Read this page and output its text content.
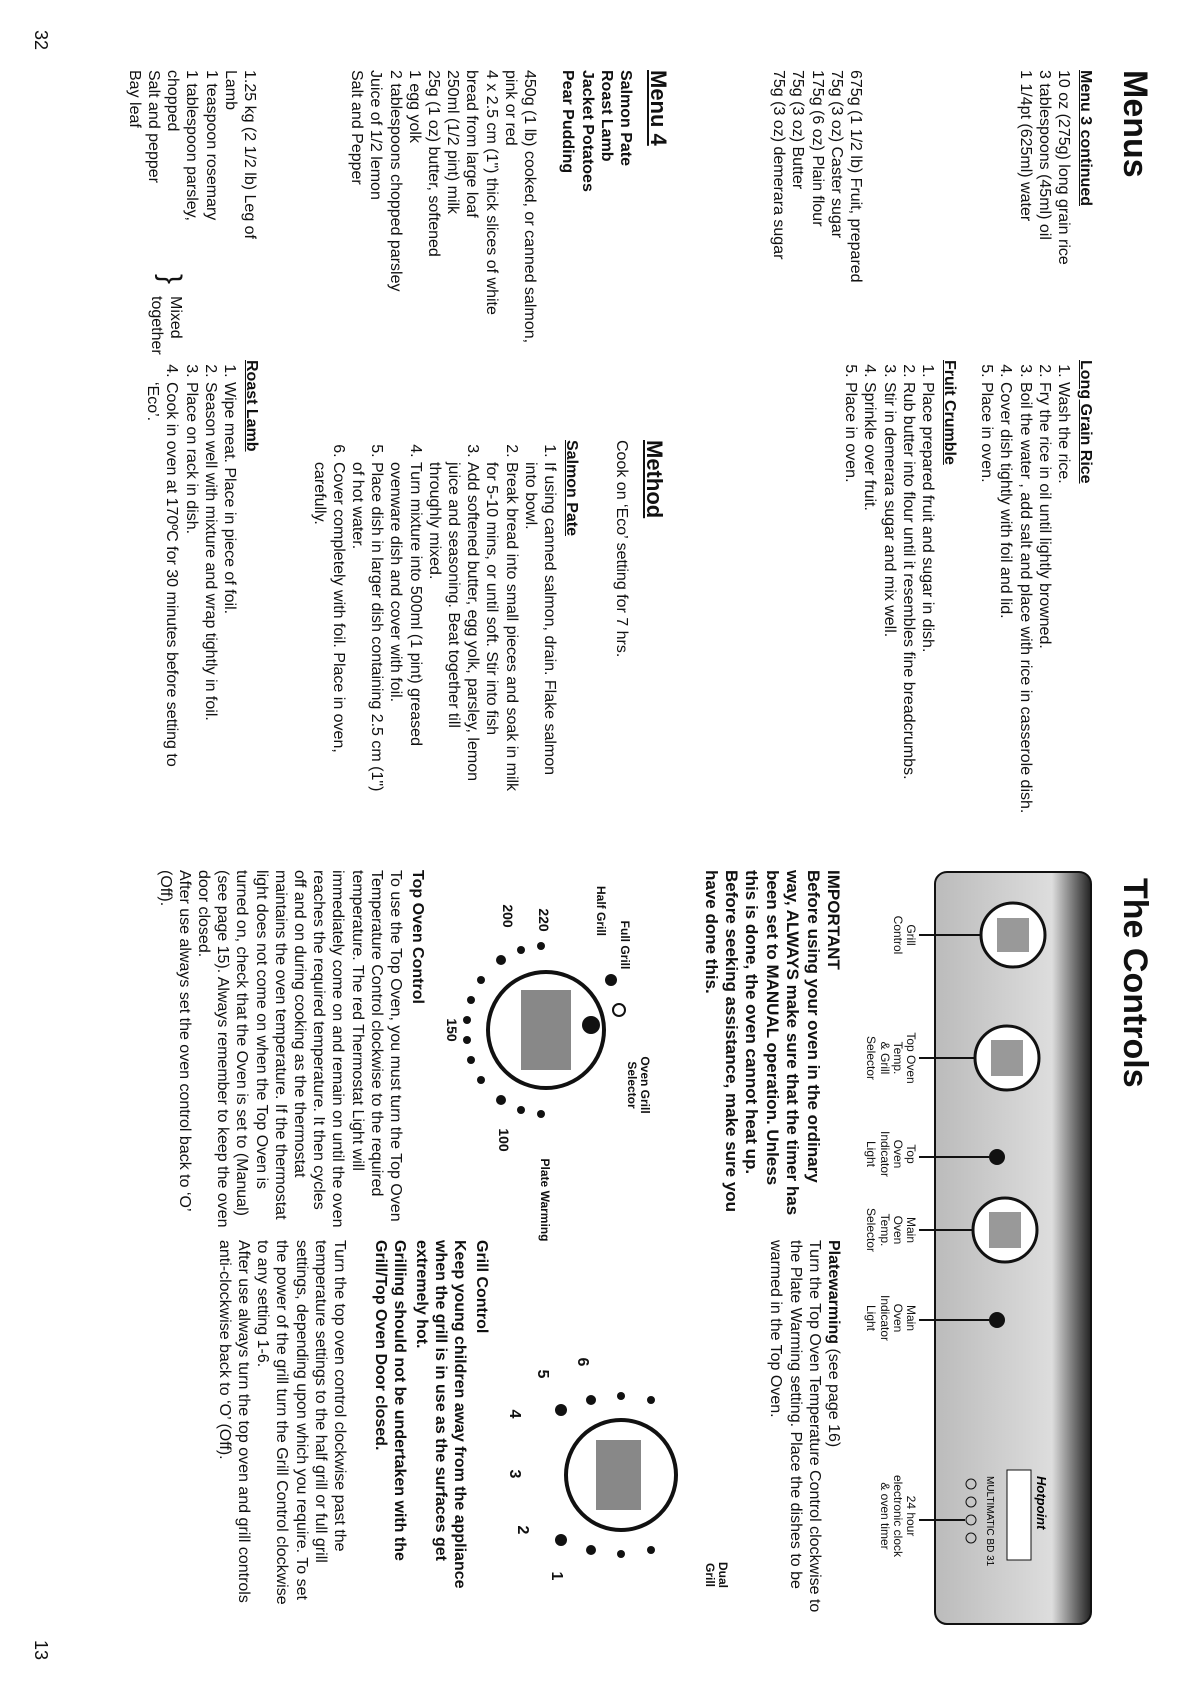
Menus
Menu 3 continued
10 oz (275g) long grain rice
3 tablespoons (45ml) oil
1 1/4pt (625ml) water
675g (1 1/2 lb) Fruit, prepared
75g (3 oz) Caster sugar
175g (6 oz) Plain flour
75g (3 oz) Butter
75g (3 oz) demerara sugar
Long Grain Rice
1. Wash the rice.
2. Fry the rice in oil until lightly browned.
3. Boil the water , add salt and place with rice in casserole dish.
4. Cover dish tightly with foil and lid.
5. Place in oven.
Fruit Crumble
1. Place prepared fruit and sugar in dish.
2. Rub butter into flour until it resembles fine breadcrumbs.
3. Stir in demerara sugar and mix well.
4. Sprinkle over fruit.
5. Place in oven.
Menu 4
Salmon Pate
Roast Lamb
Jacket Potatoes
Pear Pudding
Method
Cook on ‘Eco’ setting for 7 hrs.
450g (1 lb) cooked, or canned salmon,
pink or red
4 x 2.5 cm (1") thick slices of white
bread from large loaf
250ml (1/2 pint) milk
25g (1 oz) butter, softened
1 egg yolk
2 tablespoons chopped parsley
Juice of 1/2 lemon
Salt and Pepper
Salmon Pate
1. If using canned salmon, drain. Flake salmon into bowl.
2. Break bread into small pieces and soak in milk for 5-10 mins, or until soft. Stir into fish
3. Add softened butter, egg yolk, parsley, lemon juice and seasoning. Beat together till throughly mixed.
4. Turn mixture into 500ml (1 pint) greased ovenware dish and cover with foil.
5. Place dish in larger dish containing 2.5 cm (1") of hot water.
6. Cover completely with foil. Place in oven, carefully.
1.25 kg (2 1/2 lb) Leg of Lamb
1 teaspoon rosemary
1 tablespoon parsley, chopped
Salt and pepper
Bay leaf
}
Mixed
together
Roast Lamb
1. Wipe meat. Place in piece of foil.
2. Season well with mixture and wrap tightly in foil.
3. Place on rack in dish.
4. Cook in oven at 170ºC for 30 minutes before setting to ‘Eco’.
32
The Controls
Hotpoint
MULTIMATIC BD 31
Grill
Control
Top Oven
Temp.
& Grill
Selector
Top
Oven
Indicator
Light
Main
Oven
Temp.
Selector
Main
Oven
Indicator
Light
24 hour
electronic clock
& oven timer
IMPORTANT
Before using your oven in the ordinary way, ALWAYS make sure that the timer has been set to MANUAL operation. Unless this is done, the oven cannot heat up. Before seeking assistance, make sure you have done this.
Oven Grill
Selector
Full Grill
Half Grill
220
200
150
100
Plate Warming
Top Oven Control
To use the Top Oven, you must turn the Top Oven Temperature Control clockwise to the required temperature. The red Thermostat Light will immediately come on and remain on until the oven reaches the required temperature. It then cycles off and on during cooking as the thermostat maintains the oven temperature. If the thermostat light does not come on when the Top Oven is turned on, check that the Oven is set to (Manual) (see page 15). Always remember to keep the oven door closed.
After use always set the oven control back to ‘O’ (Off).
Platewarming (see page 16)
Turn the Top Oven Temperature Control clockwise to the Plate Warming setting. Place the dishes to be warmed in the Top Oven.
Dual
Grill
1
2
3
4
5
6
Grill Control
Keep young children away from the appliance when the grill is in use as the surfaces get extremely hot.
Grilling should not be undertaken with the Grill/Top Oven Door closed.
Turn the top oven control clockwise past the temperature settings to the half grill or full grill settings, depending upon which you require. To set the power of the grill turn the Grill Control clockwise to any setting 1-6.
After use always turn the top oven and grill controls anti-clockwise back to ‘O’ (Off).
13
